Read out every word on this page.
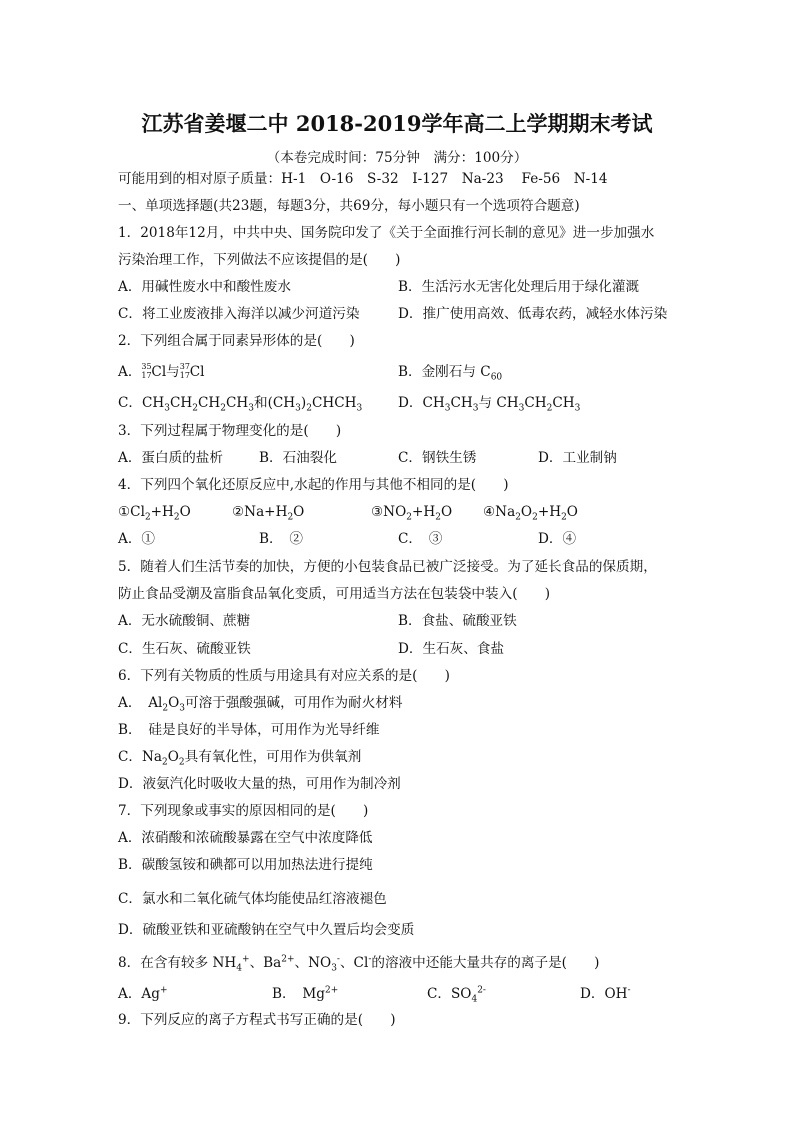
江苏省姜堰二中 2018-2019学年高二上学期期末考试
（本卷完成时间：75分钟　满分：100分）
可能用到的相对原子质量：H-1　O-16　S-32　I-127　Na-23　 Fe-56　N-14
一、单项选择题(共23题，每题3分，共69分，每小题只有一个选项符合题意)
1．2018年12月，中共中央、国务院印发了《关于全面推行河长制的意见》进一步加强水
污染治理工作，下列做法不应该提倡的是(　　)
A．用碱性废水中和酸性废水	B．生活污水无害化处理后用于绿化灌溉
C．将工业废液排入海洋以减少河道污染	D．推广使用高效、低毒农药，减轻水体污染
2．下列组合属于同素异形体的是(　　)
A． 35
17 Cl与 37
17 Cl	B．金刚石与 $C_{60}$
C．$CH_3CH_2CH_2CH_3$和$(CH_3)_2CHCH_3$	D．$CH_3CH_3$与 $CH_3CH_2CH_3$
3．下列过程属于物理变化的是(　　)
A．蛋白质的盐析	B．石油裂化	C．钢铁生锈	D．工业制钠
4．下列四个氧化还原反应中,水起的作用与其他不相同的是(　　)
$①Cl_2+H_2O$	$②Na+H_2O$	$③NO_2+H_2O$ $④Na_2O_2+H_2O$
A．①	B．　②	C．　③	D．④
5．随着人们生活节奏的加快，方便的小包装食品已被广泛接受。为了延长食品的保质期，
防止食品受潮及富脂食品氧化变质，可用适当方法在包装袋中装入(　　)
A．无水硫酸铜、蔗糖	B．食盐、硫酸亚铁
C．生石灰、硫酸亚铁	D．生石灰、食盐
6．下列有关物质的性质与用途具有对应关系的是(　　)
A．　$Al_2O_3$可溶于强酸强碱，可用作为耐火材料
B．　硅是良好的半导体，可用作为光导纤维
C．$Na_2O_2$具有氧化性，可用作为供氧剂
D．液氨汽化时吸收大量的热，可用作为制冷剂
7．下列现象或事实的原因相同的是(　　)
A．浓硝酸和浓硫酸暴露在空气中浓度降低
B．碳酸氢铵和碘都可以用加热法进行提纯
C．氯水和二氧化硫气体均能使品红溶液褪色
D．硫酸亚铁和亚硫酸钠在空气中久置后均会变质
8．在含有较多 $NH_4^+$、$Ba^{2+}$、$NO_3^-$、Cl-的溶液中还能大量共存的离子是(　　)
A．Ag+	B．　$Mg^{2+}$	C．$SO_4^{2-}$	D．OH-
9．下列反应的离子方程式书写正确的是(　　)
